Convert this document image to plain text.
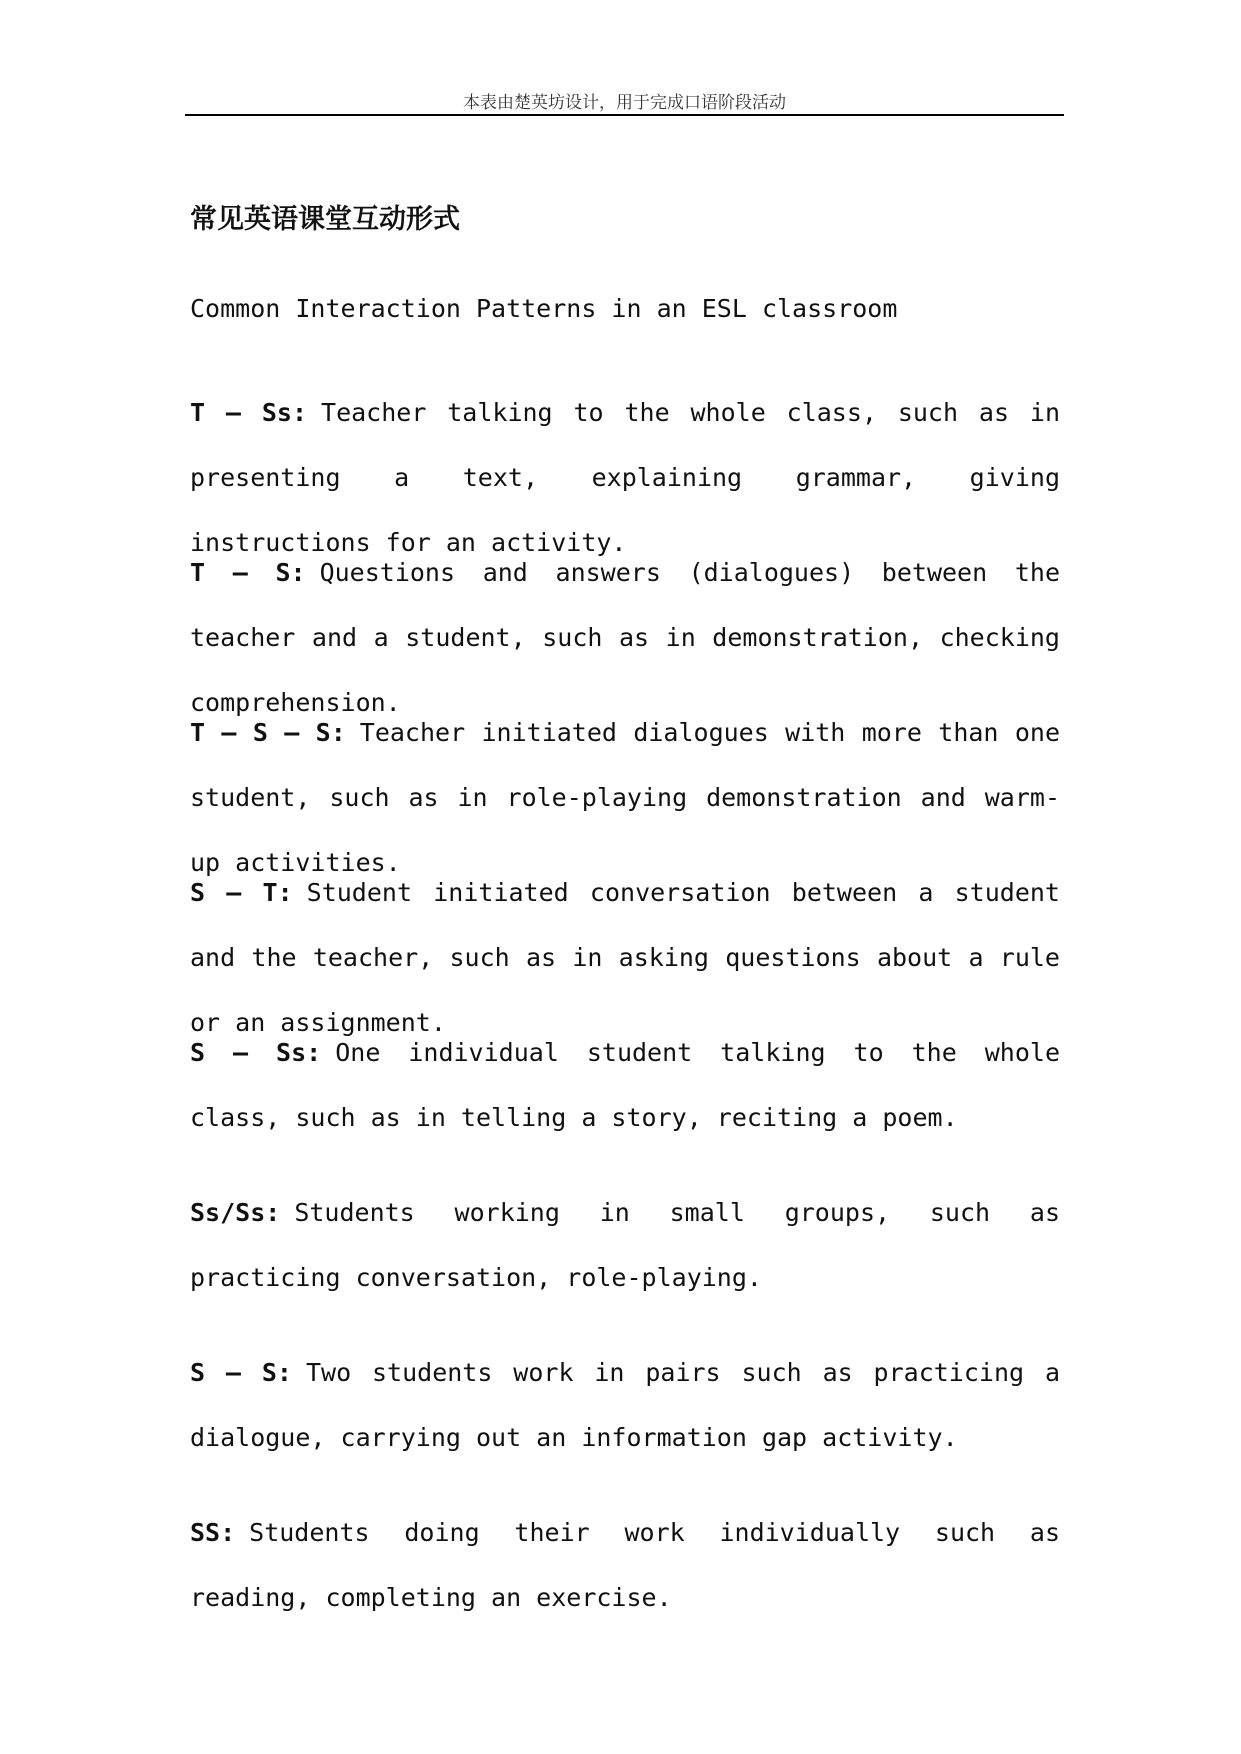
本表由楚英坊设计，用于完成口语阶段活动
常见英语课堂互动形式
Common Interaction Patterns in an ESL classroom
T – Ss: Teacher talking to the whole class, such as in presenting a text, explaining grammar, giving instructions for an activity.
T – S: Questions and answers (dialogues) between the teacher and a student, such as in demonstration, checking comprehension.
T – S – S: Teacher initiated dialogues with more than one student, such as in role-playing demonstration and warm-up activities.
S – T: Student initiated conversation between a student and the teacher, such as in asking questions about a rule or an assignment.
S – Ss: One individual student talking to the whole class, such as in telling a story, reciting a poem.
Ss/Ss: Students working in small groups, such as practicing conversation, role-playing.
S – S: Two students work in pairs such as practicing a dialogue, carrying out an information gap activity.
SS: Students doing their work individually such as reading, completing an exercise.
